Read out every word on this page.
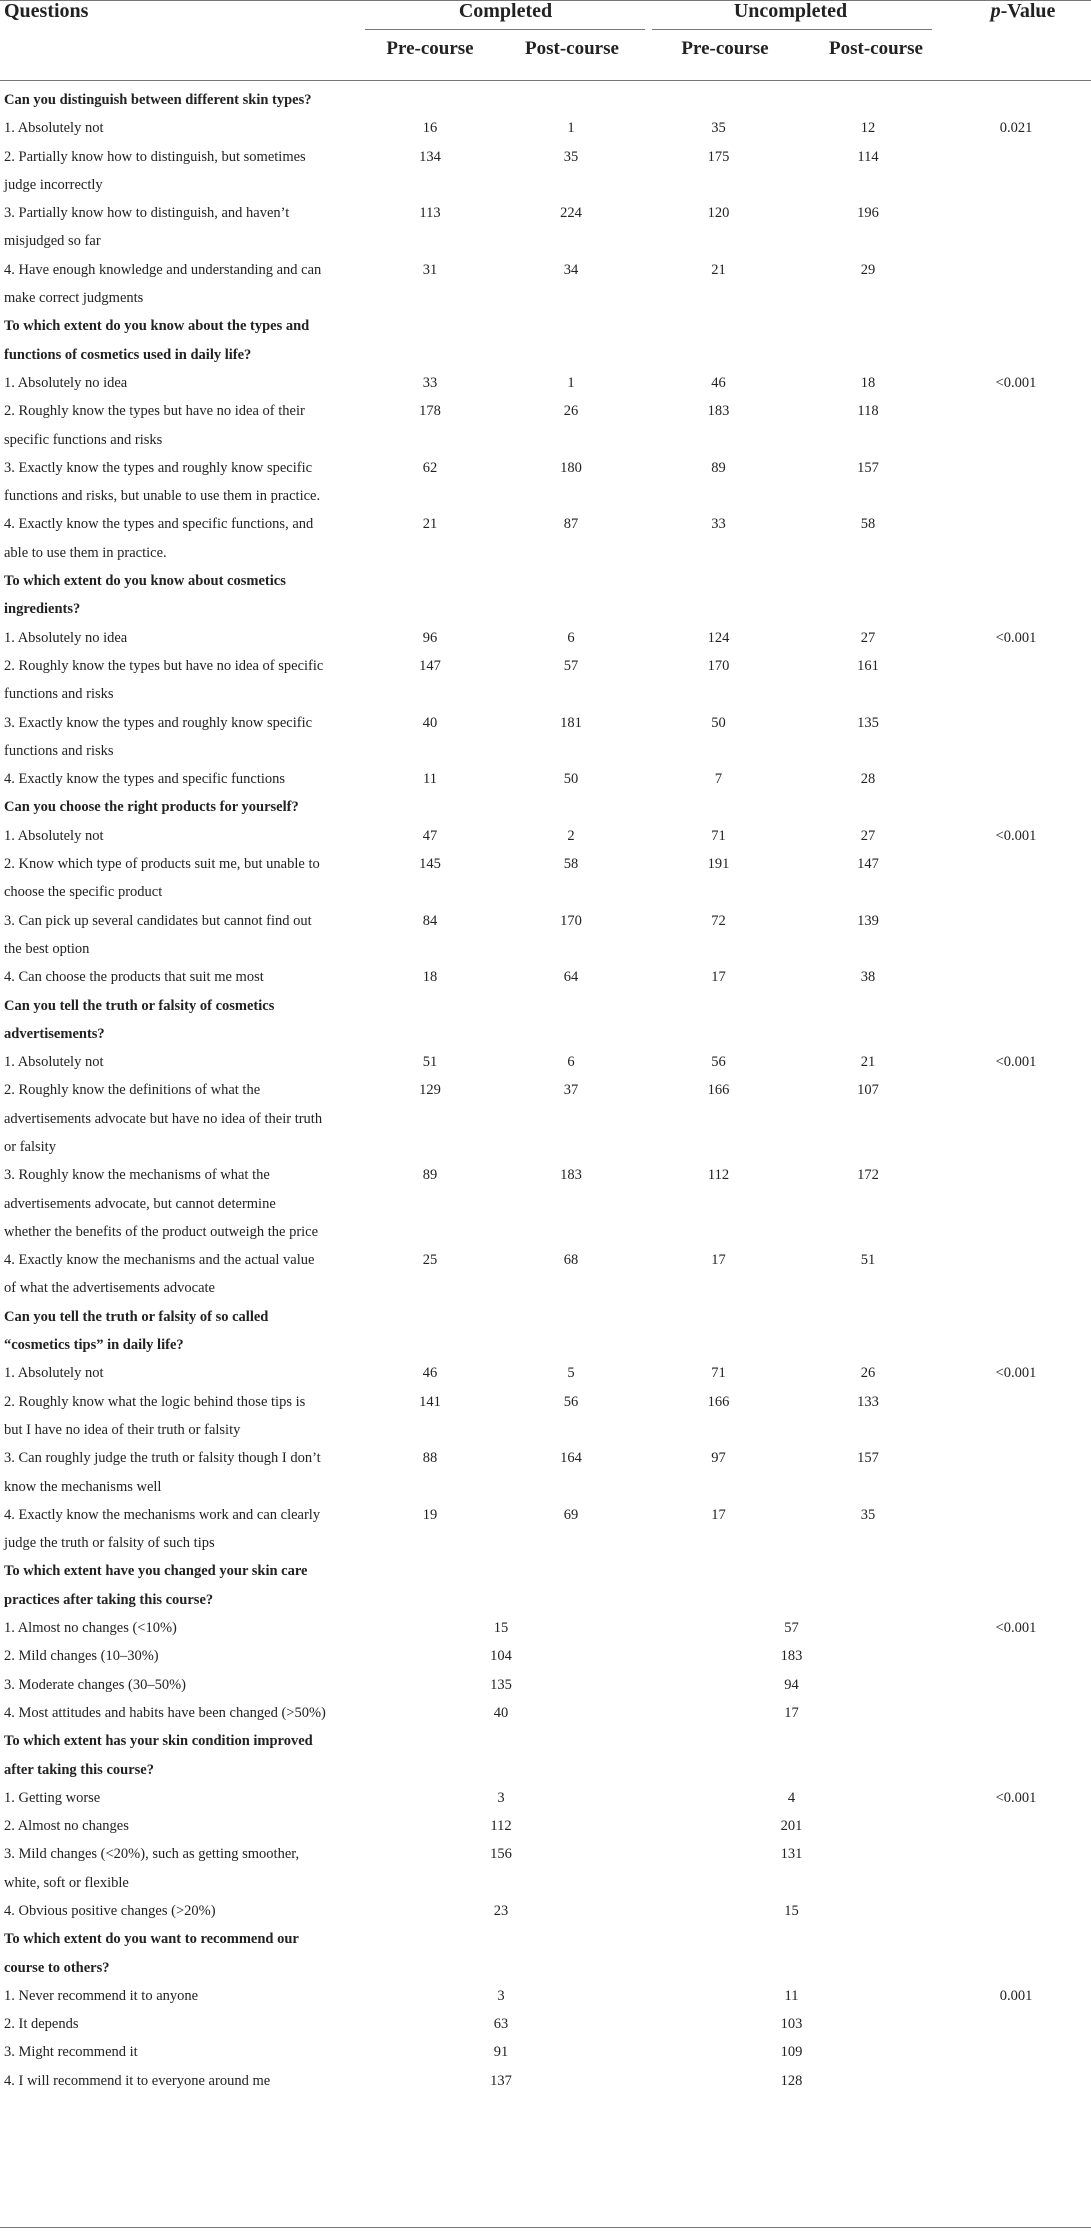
Questions	Completed	Uncompleted	p-Value
Pre-course	Post-course	Pre-course	Post-course
Can you distinguish between different skin types?					

1. Absolutely not	16	1	35	12	0.021

2. Partially know how to distinguish, but sometimes judge incorrectly	134	35	175	114	

3. Partially know how to distinguish, and haven’t misjudged so far	113	224	120	196	

4. Have enough knowledge and understanding and can make correct judgments	31	34	21	29	

To which extent do you know about the types and functions of cosmetics used in daily life?					

1. Absolutely no idea	33	1	46	18	<0.001

2. Roughly know the types but have no idea of their specific functions and risks	178	26	183	118	

3. Exactly know the types and roughly know specific functions and risks, but unable to use them in practice.	62	180	89	157	

4. Exactly know the types and specific functions, and able to use them in practice.	21	87	33	58	

To which extent do you know about cosmetics ingredients?					

1. Absolutely no idea	96	6	124	27	<0.001

2. Roughly know the types but have no idea of specific functions and risks	147	57	170	161	

3. Exactly know the types and roughly know specific functions and risks	40	181	50	135	

4. Exactly know the types and specific functions	11	50	7	28	

Can you choose the right products for yourself?					

1. Absolutely not	47	2	71	27	<0.001

2. Know which type of products suit me, but unable to choose the specific product	145	58	191	147	

3. Can pick up several candidates but cannot find out the best option	84	170	72	139	

4. Can choose the products that suit me most	18	64	17	38	

Can you tell the truth or falsity of cosmetics advertisements?					

1. Absolutely not	51	6	56	21	<0.001

2. Roughly know the definitions of what the advertisements advocate but have no idea of their truth or falsity	129	37	166	107	

3. Roughly know the mechanisms of what the advertisements advocate, but cannot determine whether the benefits of the product outweigh the price	89	183	112	172	

4. Exactly know the mechanisms and the actual value of what the advertisements advocate	25	68	17	51	

Can you tell the truth or falsity of so called “cosmetics tips” in daily life?					

1. Absolutely not	46	5	71	26	<0.001

2. Roughly know what the logic behind those tips is but I have no idea of their truth or falsity	141	56	166	133	

3. Can roughly judge the truth or falsity though I don’t know the mechanisms well	88	164	97	157	

4. Exactly know the mechanisms work and can clearly judge the truth or falsity of such tips	19	69	17	35	

To which extent have you changed your skin care practices after taking this course?					

1. Almost no changes (<10%)	15		57		<0.001

2. Mild changes (10–30%)	104		183		

3. Moderate changes (30–50%)	135		94		

4. Most attitudes and habits have been changed (>50%)	40		17		

To which extent has your skin condition improved after taking this course?					

1. Getting worse	3		4		<0.001

2. Almost no changes	112		201		

3. Mild changes (<20%), such as getting smoother, white, soft or flexible	156		131		

4. Obvious positive changes (>20%)	23		15		

To which extent do you want to recommend our course to others?					

1. Never recommend it to anyone	3		11		0.001

2. It depends	63		103		

3. Might recommend it	91		109		

4. I will recommend it to everyone around me	137		128		
